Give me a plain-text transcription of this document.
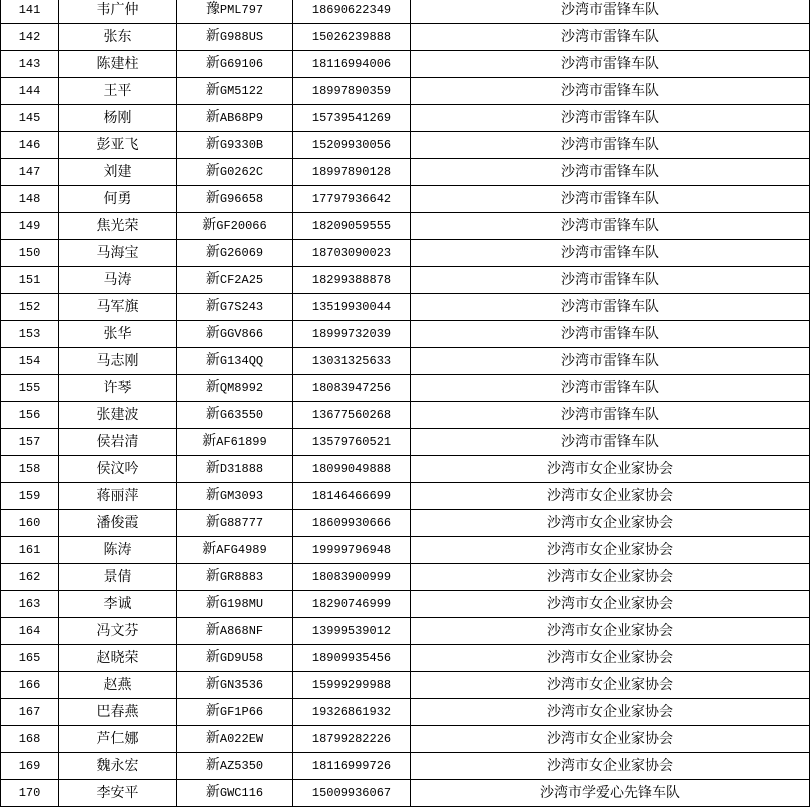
141	韦广仲	豫PML797	18690622349	沙湾市雷锋车队
142	张东	新G988US	15026239888	沙湾市雷锋车队
143	陈建柱	新G69106	18116994006	沙湾市雷锋车队
144	王平	新GM5122	18997890359	沙湾市雷锋车队
145	杨刚	新AB68P9	15739541269	沙湾市雷锋车队
146	彭亚飞	新G9330B	15209930056	沙湾市雷锋车队
147	刘建	新G0262C	18997890128	沙湾市雷锋车队
148	何勇	新G96658	17797936642	沙湾市雷锋车队
149	焦光荣	新GF20066	18209059555	沙湾市雷锋车队
150	马海宝	新G26069	18703090023	沙湾市雷锋车队
151	马涛	新CF2A25	18299388878	沙湾市雷锋车队
152	马军旗	新G7S243	13519930044	沙湾市雷锋车队
153	张华	新GGV866	18999732039	沙湾市雷锋车队
154	马志刚	新G134QQ	13031325633	沙湾市雷锋车队
155	许琴	新QM8992	18083947256	沙湾市雷锋车队
156	张建波	新G63550	13677560268	沙湾市雷锋车队
157	侯岩清	新AF61899	13579760521	沙湾市雷锋车队
158	侯汶吟	新D31888	18099049888	沙湾市女企业家协会
159	蒋丽萍	新GM3093	18146466699	沙湾市女企业家协会
160	潘俊霞	新G88777	18609930666	沙湾市女企业家协会
161	陈涛	新AFG4989	19999796948	沙湾市女企业家协会
162	景倩	新GR8883	18083900999	沙湾市女企业家协会
163	李诚	新G198MU	18290746999	沙湾市女企业家协会
164	冯文芬	新A868NF	13999539012	沙湾市女企业家协会
165	赵晓荣	新GD9U58	18909935456	沙湾市女企业家协会
166	赵燕	新GN3536	15999299988	沙湾市女企业家协会
167	巴春燕	新GF1P66	19326861932	沙湾市女企业家协会
168	芦仁娜	新A022EW	18799282226	沙湾市女企业家协会
169	魏永宏	新AZ5350	18116999726	沙湾市女企业家协会
170	李安平	新GWC116	15009936067	沙湾市学爱心先锋车队
